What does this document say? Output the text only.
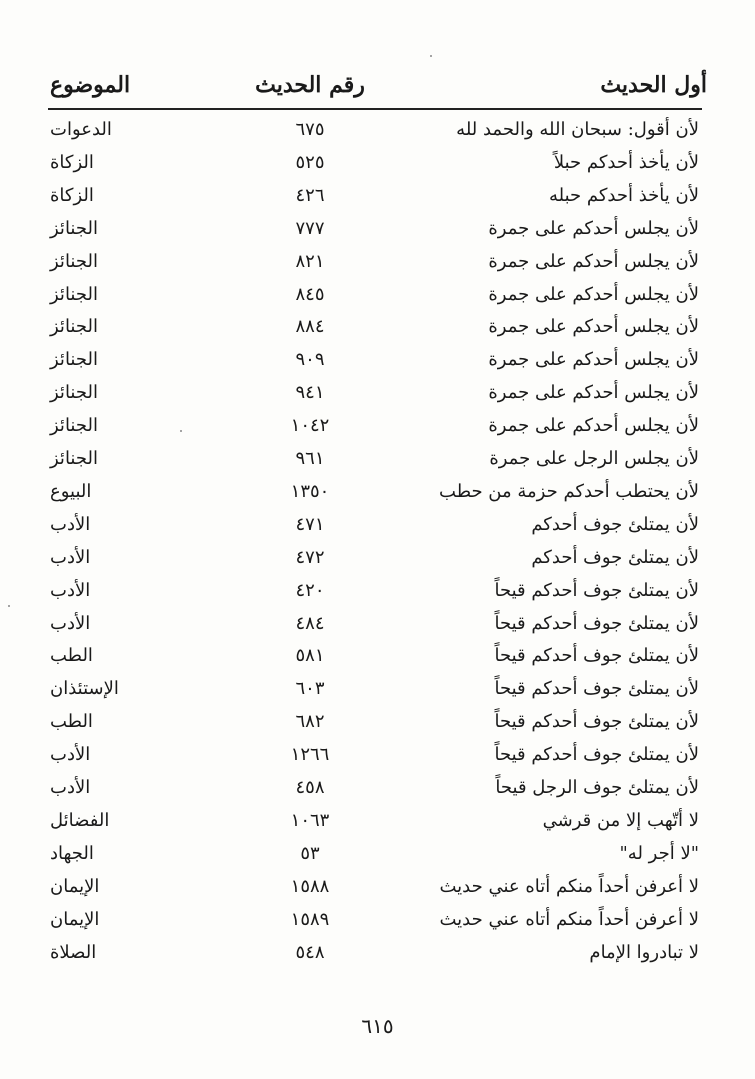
أول الحديث
رقم الحديث
الموضوع
لأن أقول: سبحان الله والحمد لله
٦٧٥
الدعوات
لأن يأخذ أحدكم حبلاً
٥٢٥
الزكاة
لأن يأخذ أحدكم حبله
٤٢٦
الزكاة
لأن يجلس أحدكم على جمرة
٧٧٧
الجنائز
لأن يجلس أحدكم على جمرة
٨٢١
الجنائز
لأن يجلس أحدكم على جمرة
٨٤٥
الجنائز
لأن يجلس أحدكم على جمرة
٨٨٤
الجنائز
لأن يجلس أحدكم على جمرة
٩٠٩
الجنائز
لأن يجلس أحدكم على جمرة
٩٤١
الجنائز
لأن يجلس أحدكم على جمرة
١٠٤٢
الجنائز
لأن يجلس الرجل على جمرة
٩٦١
الجنائز
لأن يحتطب أحدكم حزمة من حطب
١٣٥٠
البيوع
لأن يمتلئ جوف أحدكم
٤٧١
الأدب
لأن يمتلئ جوف أحدكم
٤٧٢
الأدب
لأن يمتلئ جوف أحدكم قيحاً
٤٢٠
الأدب
لأن يمتلئ جوف أحدكم قيحاً
٤٨٤
الأدب
لأن يمتلئ جوف أحدكم قيحاً
٥٨١
الطب
لأن يمتلئ جوف أحدكم قيحاً
٦٠٣
الإستئذان
لأن يمتلئ جوف أحدكم قيحاً
٦٨٢
الطب
لأن يمتلئ جوف أحدكم قيحاً
١٢٦٦
الأدب
لأن يمتلئ جوف الرجل قيحاً
٤٥٨
الأدب
لا أتّهب إلا من قرشي
١٠٦٣
الفضائل
"لا أجر له"
٥٣
الجهاد
لا أعرفن أحداً منكم أتاه عني حديث
١٥٨٨
الإيمان
لا أعرفن أحداً منكم أتاه عني حديث
١٥٨٩
الإيمان
لا تبادروا الإمام
٥٤٨
الصلاة
٦١٥
